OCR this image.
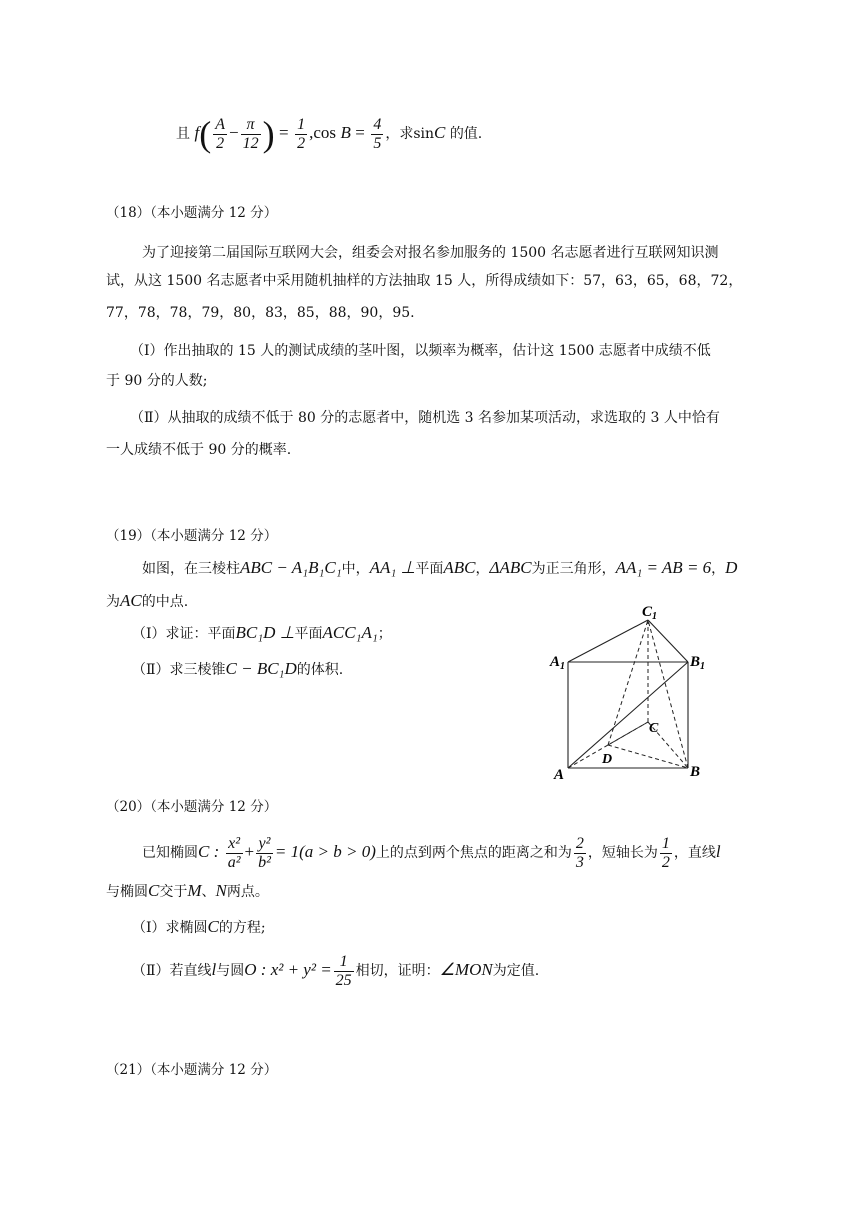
且 $f( \frac{A}{2} - \frac{\pi}{12}$ ) = $\frac{1}{2} ,\cos$ $B = \frac{4}{5}$ ，求sinC 的值.
（18）（本小题满分 12 分）
为了迎接第二届国际互联网大会，组委会对报名参加服务的 1500 名志愿者进行互联网知识测
试，从这 1500 名志愿者中采用随机抽样的方法抽取 15 人，所得成绩如下：57，63，65，68，72，
77，78，78，79，80，83，85，88，90，95.
（Ⅰ）作出抽取的 15 人的测试成绩的茎叶图，以频率为概率，估计这 1500 志愿者中成绩不低
于 90 分的人数;
（Ⅱ）从抽取的成绩不低于 80 分的志愿者中，随机选 3 名参加某项活动，求选取的 3 人中恰有
一人成绩不低于 90 分的概率.
（19）（本小题满分 12 分）
如图，在三棱柱ABC − A₁B₁C₁中，AA₁ ⊥平面ABC，ΔABC为正三角形，AA₁ = AB = 6，D
为AC的中点.
（Ⅰ）求证：平面BC₁D ⊥平面ACC₁A₁；
（Ⅱ）求三棱锥C − BC₁D的体积.
$C_1$
$A_1$	$B_1$
C
D
A	B
（20）（本小题满分 12 分）
已知椭圆C : $\frac{\text{x²}}{\text{a²}} + \frac{\text{y²}}{\text{b²}} = 1(a > b > 0)$上的点到两个焦点的距离之和为 $\frac{2}{3}$ ，短轴长为 $\frac{1}{2}$ ，直线l
与椭圆C交于M、N两点。
（Ⅰ）求椭圆C的方程;
（Ⅱ）若直线l与圆O : $x^2 + y^2 = \frac{1}{25}$ 相切，证明：∠MON为定值.
（21）（本小题满分 12 分）
